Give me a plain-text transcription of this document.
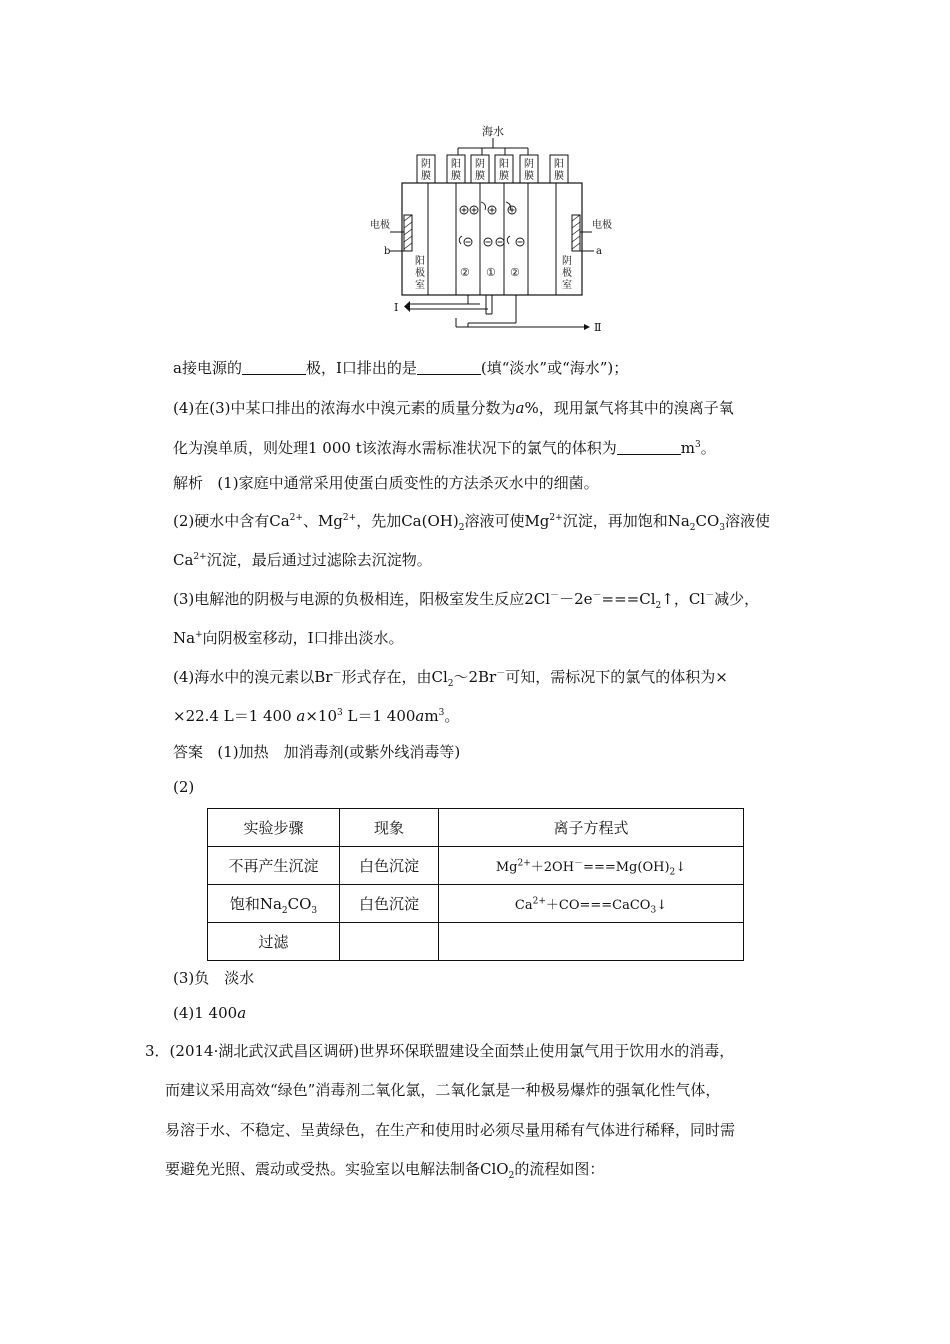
海水
阴
膜
阳
膜
阴
膜
阳
膜
阴
膜
阳
膜
电极	电极
b	a
阳
极
室
阴
极
室
② ① ②
Ⅰ
Ⅱ
a接电源的	极，Ⅰ口排出的是	(填“淡水”或“海水”)；
(4)在(3)中某口排出的浓海水中溴元素的质量分数为a%，现用氯气将其中的溴离子氧
化为溴单质，则处理1 000 t该浓海水需标准状况下的氯气的体积为	$m^3$。
解析 (1)家庭中通常采用使蛋白质变性的方法杀灭水中的细菌。
(2)硬水中含有$Ca^{2+}$、$Mg^{2+}$，先加$Ca(OH)_2$溶液可使$Mg^{2+}$沉淀，再加饱和$Na_2CO_3$溶液使
$Ca^{2+}$沉淀，最后通过过滤除去沉淀物。
(3)电解池的阴极与电源的负极相连，阳极室发生反应$2Cl^--2e^-===Cl_2↑$，Cl－减少，
Na+向阴极室移动，Ⅰ口排出淡水。
(4)海水中的溴元素以Br－形式存在，由$Cl_2\sim 2Br^-$可知，需标况下的氯气的体积为×
×22.4 L＝1 400 $a\times 10^3$ L＝1 $400am^3$。
答案 (1)加热　加消毒剂(或紫外线消毒等)
(2)
实验步骤	现象	离子方程式
不再产生沉淀	白色沉淀	$Mg^{2+}+2OH^-===Mg(OH)_2↓$
饱和$Na_2CO_3$	白色沉淀	$Ca^{2+}+CO===CaCO_3↓$
过滤		
(3)负　淡水
(4)1 400a
3．(2014·湖北武汉武昌区调研)世界环保联盟建设全面禁止使用氯气用于饮用水的消毒，
而建议采用高效“绿色”消毒剂二氧化氯，二氧化氯是一种极易爆炸的强氧化性气体，
易溶于水、不稳定、呈黄绿色，在生产和使用时必须尽量用稀有气体进行稀释，同时需
要避免光照、震动或受热。实验室以电解法制备ClO$_2$的流程如图：
